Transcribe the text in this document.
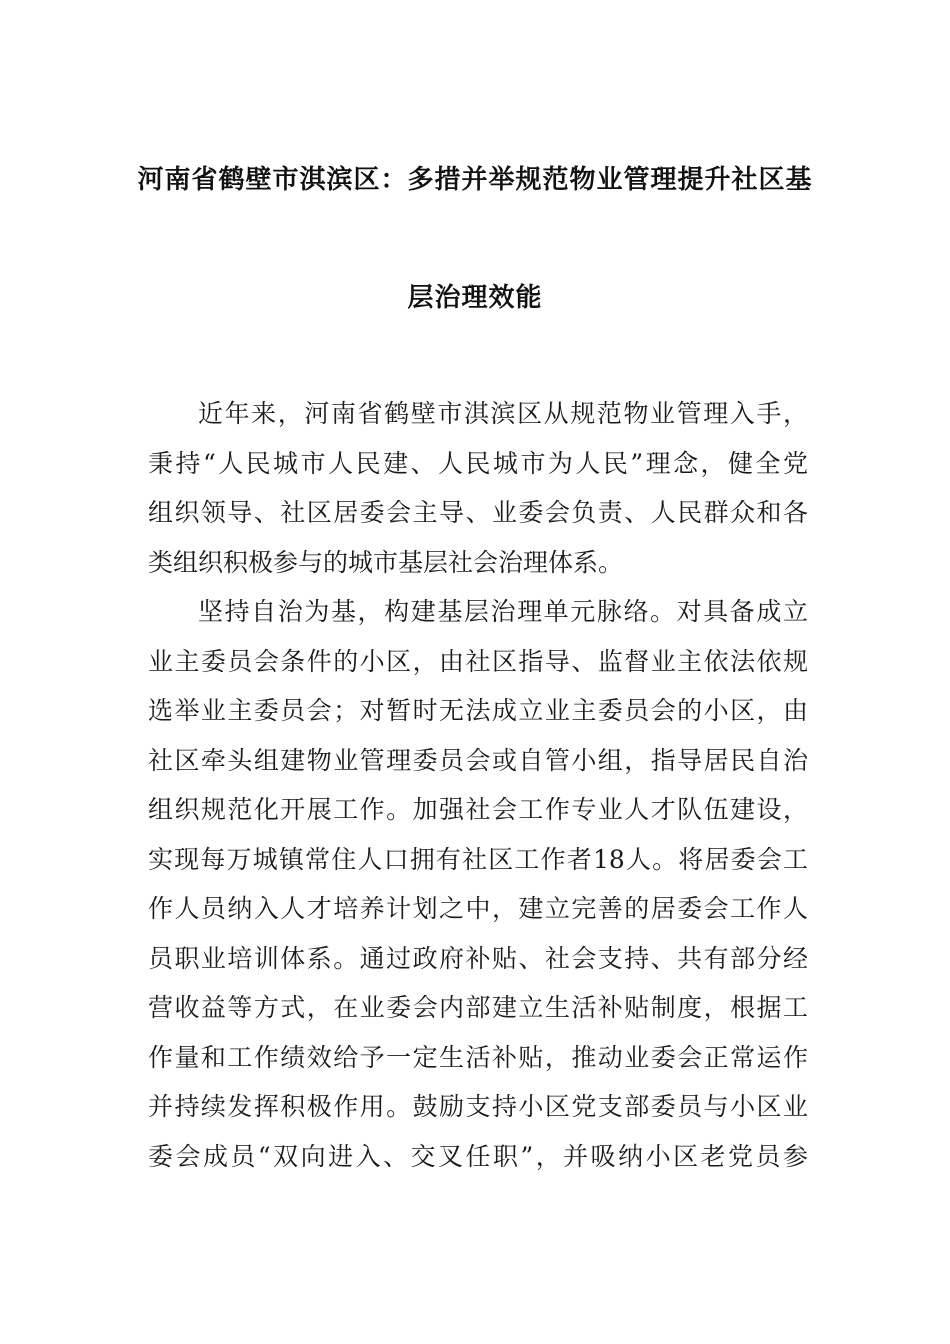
河南省鹤壁市淇滨区：多措并举规范物业管理提升社区基
层治理效能

近年来，河南省鹤壁市淇滨区从规范物业管理入手，

秉持“人民城市人民建、人民城市为人民”理念，健全党

组织领导、社区居委会主导、业委会负责、人民群众和各

类组织积极参与的城市基层社会治理体系。

坚持自治为基，构建基层治理单元脉络。对具备成立

业主委员会条件的小区，由社区指导、监督业主依法依规

选举业主委员会；对暂时无法成立业主委员会的小区，由

社区牵头组建物业管理委员会或自管小组，指导居民自治

组织规范化开展工作。加强社会工作专业人才队伍建设，

实现每万城镇常住人口拥有社区工作者18人。将居委会工

作人员纳入人才培养计划之中，建立完善的居委会工作人

员职业培训体系。通过政府补贴、社会支持、共有部分经

营收益等方式，在业委会内部建立生活补贴制度，根据工

作量和工作绩效给予一定生活补贴，推动业委会正常运作

并持续发挥积极作用。鼓励支持小区党支部委员与小区业

委会成员“双向进入、交叉任职”，并吸纳小区老党员参
